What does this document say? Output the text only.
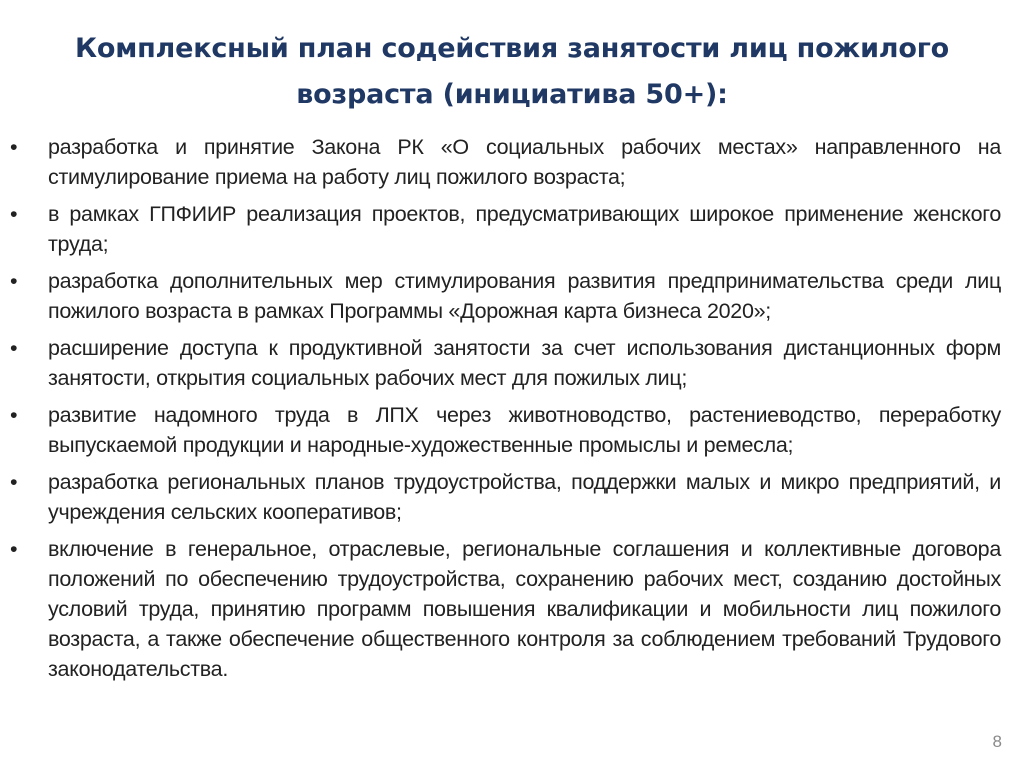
Комплексный план содействия занятости лиц пожилого возраста (инициатива 50+):
•	разработка и принятие Закона РК «О социальных рабочих местах» направленного на стимулирование приема на работу лиц пожилого возраста;
•	в рамках ГПФИИР реализация проектов, предусматривающих широкое применение женского труда;
•	разработка дополнительных мер стимулирования развития предпринимательства среди лиц пожилого возраста в рамках Программы «Дорожная карта бизнеса 2020»;
•	расширение доступа к продуктивной занятости за счет использования дистанционных форм занятости, открытия социальных рабочих мест для пожилых лиц;
•	развитие надомного труда в ЛПХ через животноводство, растениеводство, переработку выпускаемой продукции и народные-художественные промыслы и ремесла;
•	разработка региональных планов трудоустройства, поддержки малых и микро предприятий, и учреждения сельских кооперативов;
•	включение в генеральное, отраслевые, региональные соглашения и коллективные договора положений по обеспечению трудоустройства, сохранению рабочих мест, созданию достойных условий труда, принятию программ повышения квалификации и мобильности лиц пожилого возраста, а также обеспечение общественного контроля за соблюдением требований Трудового законодательства.
8
